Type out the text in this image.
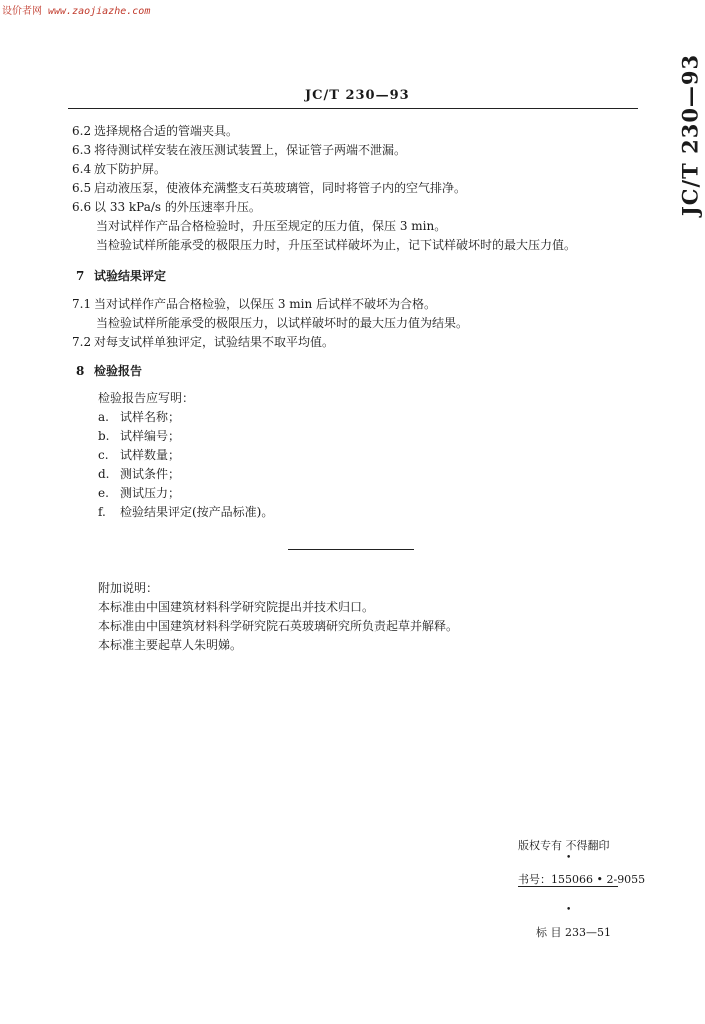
设价者网 www.zaojiazhe.com
JC/T 230—93	JC/T 230—93
6.2 选择规格合适的管端夹具。
6.3 将待测试样安装在液压测试装置上，保证管子两端不泄漏。
6.4 放下防护屏。
6.5 启动液压泵，使液体充满整支石英玻璃管，同时将管子内的空气排净。
6.6 以 33 kPa/s 的外压速率升压。
当对试样作产品合格检验时，升压至规定的压力值，保压 3 min。
当检验试样所能承受的极限压力时，升压至试样破坏为止，记下试样破坏时的最大压力值。
7 试验结果评定
7.1 当对试样作产品合格检验，以保压 3 min 后试样不破坏为合格。
当检验试样所能承受的极限压力，以试样破坏时的最大压力值为结果。
7.2 对每支试样单独评定，试验结果不取平均值。
8 检验报告
检验报告应写明：
a. 试样名称；
b. 试样编号；
c. 试样数量；
d. 测试条件；
e. 测试压力；
f. 检验结果评定(按产品标准)。
附加说明：
本标准由中国建筑材料科学研究院提出并技术归口。
本标准由中国建筑材料科学研究院石英玻璃研究所负责起草并解释。
本标准主要起草人朱明娣。
版权专有 不得翻印
•
书号：155066 • 2-9055
•
标 目 233—51
